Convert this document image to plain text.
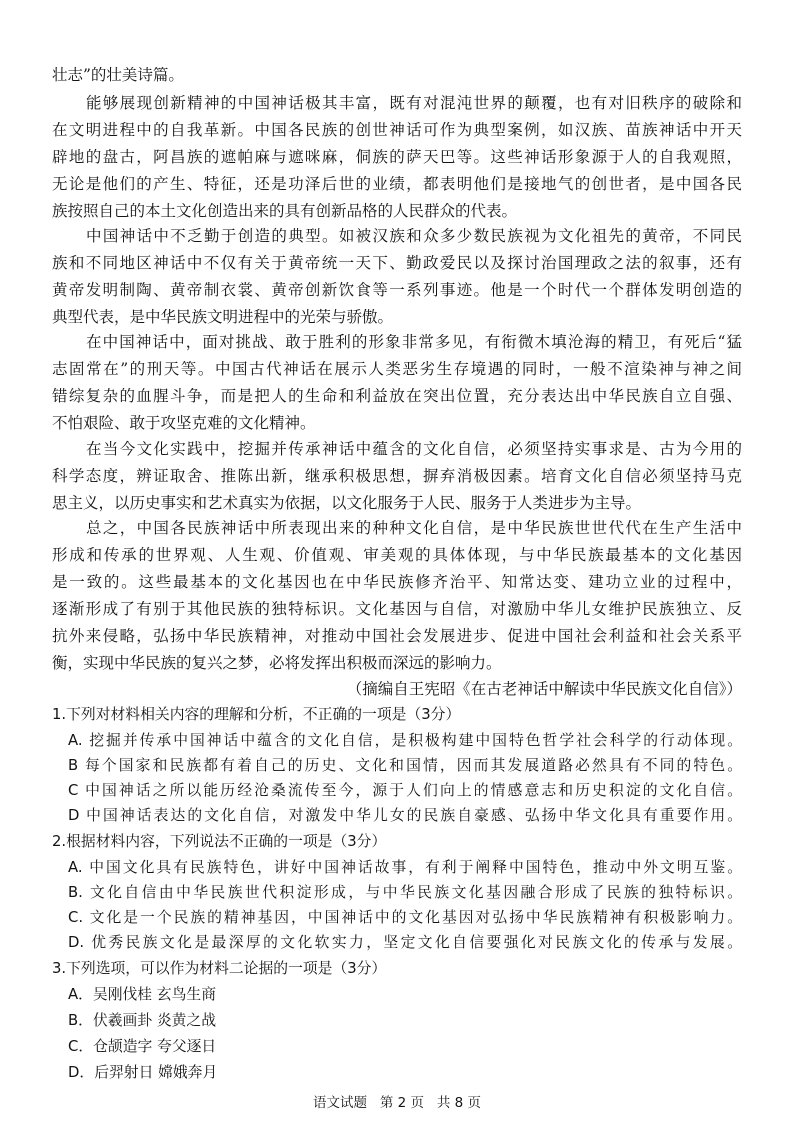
壮志”的壮美诗篇。
能够展现创新精神的中国神话极其丰富，既有对混沌世界的颠覆，也有对旧秩序的破除和
在文明进程中的自我革新。中国各民族的创世神话可作为典型案例，如汉族、苗族神话中开天
辟地的盘古，阿昌族的遮帕麻与遮咪麻，侗族的萨天巴等。这些神话形象源于人的自我观照，
无论是他们的产生、特征，还是功泽后世的业绩，都表明他们是接地气的创世者，是中国各民
族按照自己的本土文化创造出来的具有创新品格的人民群众的代表。
中国神话中不乏勤于创造的典型。如被汉族和众多少数民族视为文化祖先的黄帝，不同民
族和不同地区神话中不仅有关于黄帝统一天下、勤政爱民以及探讨治国理政之法的叙事，还有
黄帝发明制陶、黄帝制衣裳、黄帝创新饮食等一系列事迹。他是一个时代一个群体发明创造的
典型代表，是中华民族文明进程中的光荣与骄傲。
在中国神话中，面对挑战、敢于胜利的形象非常多见，有衔微木填沧海的精卫，有死后“猛
志固常在”的刑天等。中国古代神话在展示人类恶劣生存境遇的同时，一般不渲染神与神之间
错综复杂的血腥斗争，而是把人的生命和利益放在突出位置，充分表达出中华民族自立自强、
不怕艰险、敢于攻坚克难的文化精神。
在当今文化实践中，挖掘并传承神话中蕴含的文化自信，必须坚持实事求是、古为今用的
科学态度，辨证取舍、推陈出新，继承积极思想，摒弃消极因素。培育文化自信必须坚持马克
思主义，以历史事实和艺术真实为依据，以文化服务于人民、服务于人类进步为主导。
总之，中国各民族神话中所表现出来的种种文化自信，是中华民族世世代代在生产生活中
形成和传承的世界观、人生观、价值观、审美观的具体体现，与中华民族最基本的文化基因
是一致的。这些最基本的文化基因也在中华民族修齐治平、知常达变、建功立业的过程中，
逐渐形成了有别于其他民族的独特标识。文化基因与自信，对激励中华儿女维护民族独立、反
抗外来侵略，弘扬中华民族精神，对推动中国社会发展进步、促进中国社会利益和社会关系平
衡，实现中华民族的复兴之梦，必将发挥出积极而深远的影响力。
（摘编自王宪昭《在古老神话中解读中华民族文化自信》）
1.下列对材料相关内容的理解和分析，不正确的一项是（3分）
A. 挖掘并传承中国神话中蕴含的文化自信，是积极构建中国特色哲学社会科学的行动体现。
B 每个国家和民族都有着自己的历史、文化和国情，因而其发展道路必然具有不同的特色。
C 中国神话之所以能历经沧桑流传至今，源于人们向上的情感意志和历史积淀的文化自信。
D 中国神话表达的文化自信，对激发中华儿女的民族自豪感、弘扬中华文化具有重要作用。
2.根据材料内容，下列说法不正确的一项是（3分）
A. 中国文化具有民族特色，讲好中国神话故事，有利于阐释中国特色，推动中外文明互鉴。
B. 文化自信由中华民族世代积淀形成，与中华民族文化基因融合形成了民族的独特标识。
C. 文化是一个民族的精神基因，中国神话中的文化基因对弘扬中华民族精神有积极影响力。
D. 优秀民族文化是最深厚的文化软实力，坚定文化自信要强化对民族文化的传承与发展。
3.下列选项，可以作为材料二论据的一项是（3分）
A．吴刚伐桂 玄鸟生商
B．伏羲画卦 炎黄之战
C．仓颉造字 夸父逐日
D．后羿射日 嫦娥奔月
语文试题   第 2 页   共 8 页
